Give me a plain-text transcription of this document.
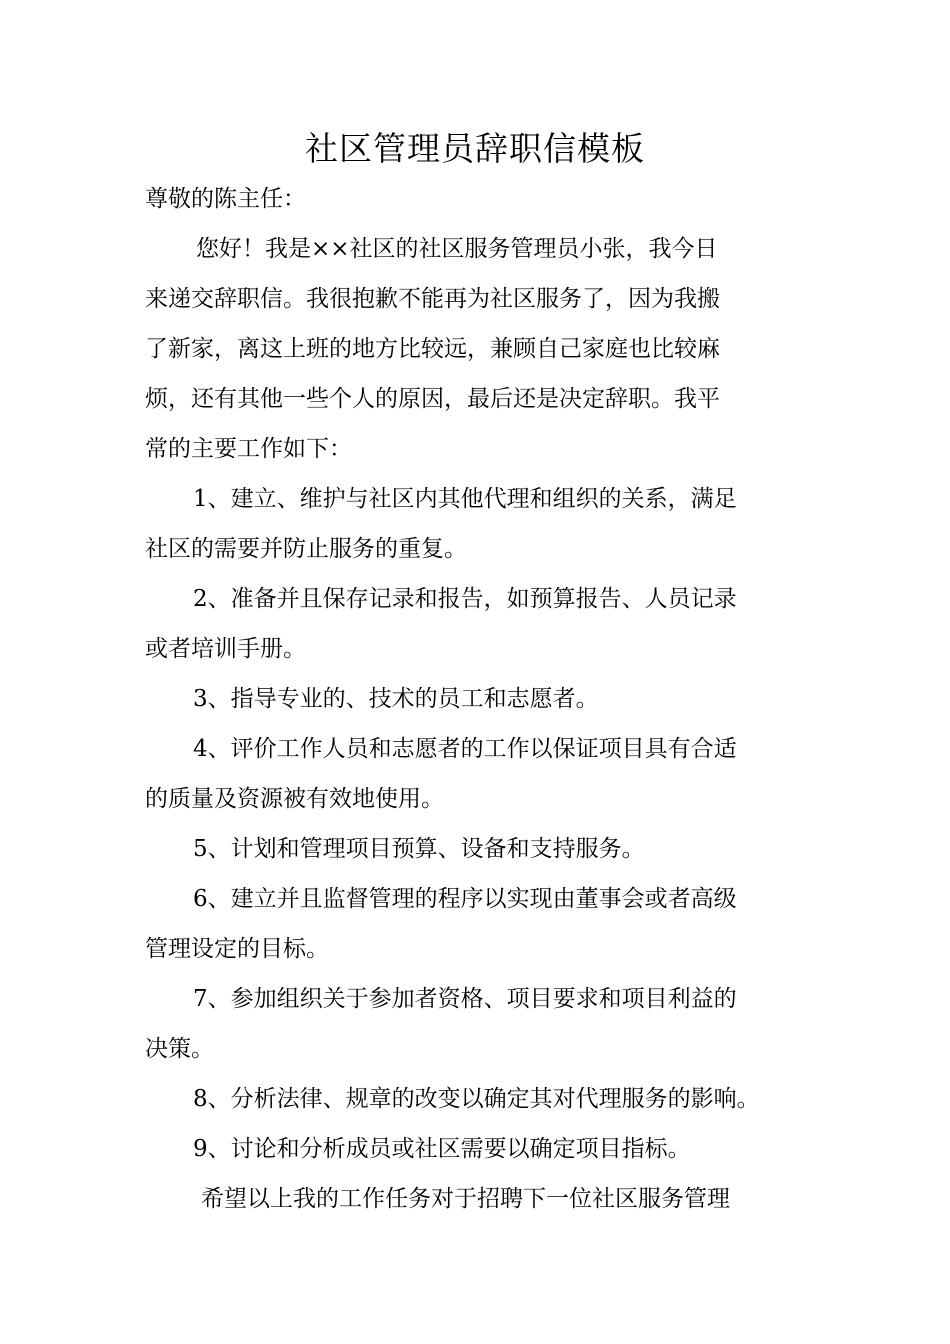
社区管理员辞职信模板

尊敬的陈主任：

您好！我是××社区的社区服务管理员小张，我今日

来递交辞职信。我很抱歉不能再为社区服务了，因为我搬

了新家，离这上班的地方比较远，兼顾自己家庭也比较麻

烦，还有其他一些个人的原因，最后还是决定辞职。我平

常的主要工作如下：

1、建立、维护与社区内其他代理和组织的关系，满足

社区的需要并防止服务的重复。

2、准备并且保存记录和报告，如预算报告、人员记录

或者培训手册。

3、指导专业的、技术的员工和志愿者。

4、评价工作人员和志愿者的工作以保证项目具有合适

的质量及资源被有效地使用。

5、计划和管理项目预算、设备和支持服务。

6、建立并且监督管理的程序以实现由董事会或者高级

管理设定的目标。

7、参加组织关于参加者资格、项目要求和项目利益的

决策。

8、分析法律、规章的改变以确定其对代理服务的影响。

9、讨论和分析成员或社区需要以确定项目指标。

希望以上我的工作任务对于招聘下一位社区服务管理
